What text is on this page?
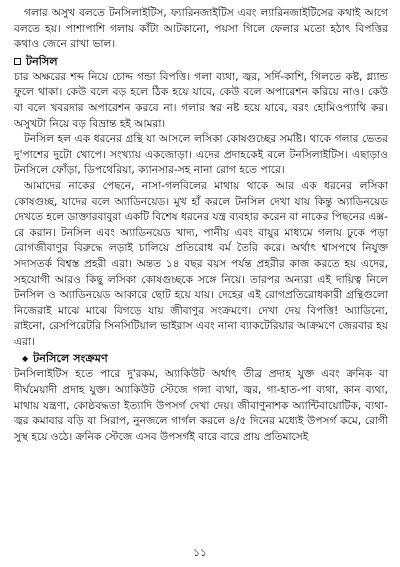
গলার অসুখ বলতে টনসিলাইটিস, ফ্যারিনজাইটিস এবং ল্যারিনজাইটিসের কথাই আগে বলতে হয়। পাশাপাশি গলায় কাঁটা আটকানো, পয়সা গিলে ফেলার মতো হঠাৎ বিপত্তির কথাও জেনে রাখা ভাল।

টনসিল

চার অক্ষরের শব্দ নিয়ে চোদ্দ গন্ডা বিপত্তি। গলা ব্যথা, জ্বর, সর্দি-কাশি, গিলতে কষ্ট, গ্ল্যান্ড ফুলে থাকা। কেউ বলে বড় হলে ঠিক হয়ে যাবে, কেউ বলে অপারেশন করিয়ে নাও। কেউ বা বলে খবরদার অপারেশন করবে না। গলার স্বর নষ্ট হয়ে যাবে, বরং হোমিওপ্যাথি কর। অসুখটা নিয়ে বড় বিভ্রান্ত হই আমরা।

টনসিল হল এক ধরনের গ্রন্থি যা আসলে লসিকা কোষগুচ্ছের সমষ্টি। থাকে গলার ভেতর দু'পাশের দুটো খোপে। সংখ্যায় একজোড়া। এদের প্রদাহকেই বলে টনসিলাইটিস। এছাড়াও টনসিলে ফোঁড়া, ডিপথেরিয়া, ক্যানসার-সহ নানা রোগ হতে পারে।

আমাদের নাকের পেছনে, নাসা-গলবিলের মাথায় থাকে আর এক ধরনের লসিকা কোষগুচ্ছ, যাদের বলে অ্যাডিনয়েড। মুখ হাঁ করলে টনসিল দেখা যায় কিন্তু অ্যাডিনয়েড দেখতে হলে ডাক্তারবাবুরা একটি বিশেষ ধরনের যন্ত্র ব্যবহার করেন বা নাকের পিছনের এক্স-রে করান। টনসিল এবং অ্যাডিনয়েড খাদ্য, পানীয় এবং বায়ুর মাধ্যমে গলায় ঢুকে পড়া রোগজীবাণুর বিরুদ্ধে লড়াই চালিয়ে প্রতিরোধ বর্ম তৈরি করে। অর্থাৎ শ্বাসপথে নিযুক্ত সদাসতর্ক বিশ্বস্ত প্রহরী এরা। অন্তত ১৪ বছর বয়স পর্যন্ত প্রহরীর কাজ করতে হয় এদের, সহযোগী আরও কিছু লসিকা কোষগুচ্ছকে সঙ্গে নিয়ে। তারপর অন্যরা এই দায়িত্ব নিলে টনসিল ও অ্যাডিনয়েড আকারে ছোট হয়ে যায়। দেহের এই রোগপ্রতিরোধকারী গ্রন্থিগুলো নিজেরাই মাঝে মাঝে বিগড়ে যায় জীবাণুর সংক্রমণে। দেখা দেয় বিপত্তি! অ্যাডিনো, রাইনো, রেসপিরেটরি সিনসিটিয়াল ভাইরাস এবং নানা ব্যাকটেরিয়ার আক্রমণে জেরবার হয় এরা।

◆ টনসিলে সংক্রমণ

টনসিলাইটিস হতে পারে দু'রকম, অ্যাকিউট অর্থাৎ তীব্র প্রদাহ যুক্ত এবং ক্রনিক বা দীর্ঘমেয়াদী প্রদাহ যুক্ত। অ্যাকিউট স্টেজে গলা ব্যথা, জ্বর, গা-হাত-পা ব্যথা, কান ব্যথা, মাথায় যন্ত্রণা, কোষ্ঠবদ্ধতা ইত্যাদি উপসর্গ দেখা দেয়। জীবাণুনাশক অ্যান্টিবায়োটিক, ব্যথা-জ্বর কমাবার বড়ি বা সিরাপ, নুনজলে গার্গল করলে ৪/৫ দিনের মধ্যেই উপসর্গ কমে, রোগী সুস্থ হয়ে ওঠে। ক্রনিক স্টেজে এসব উপসর্গই বারে বারে প্রায় প্রতিমাসেই

১১
